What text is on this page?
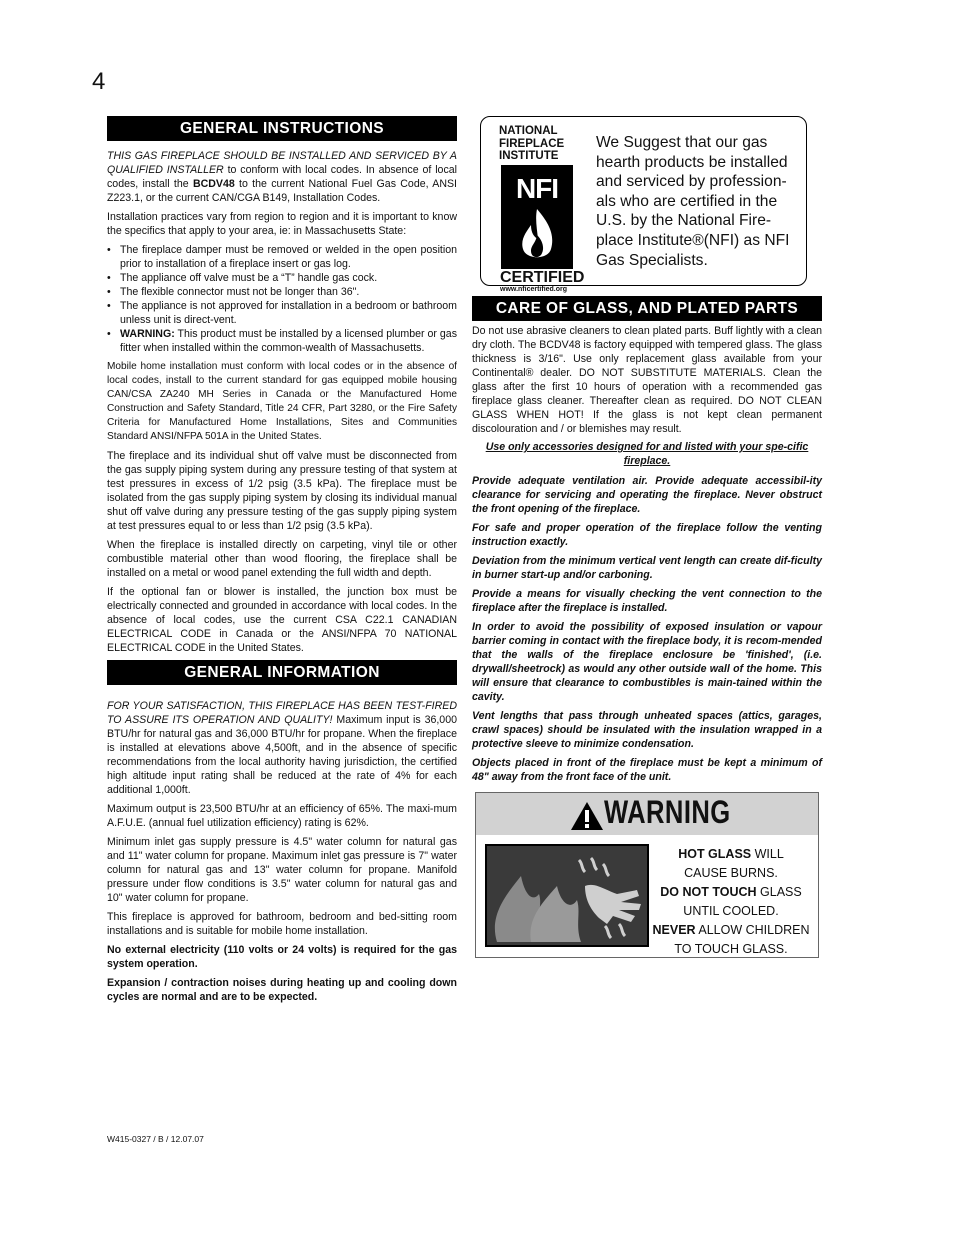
4
GENERAL INSTRUCTIONS

THIS GAS FIREPLACE SHOULD BE INSTALLED AND SERVICED BY A QUALIFIED INSTALLER to conform with local codes. In absence of local codes, install the BCDV48 to the current National Fuel Gas Code, ANSI Z223.1, or the current CAN/CGA B149, Installation Codes.

Installation practices vary from region to region and it is important to know the specifics that apply to your area, ie: in Massachusetts State:

• The fireplace damper must be removed or welded in the open position prior to installation of a fireplace insert or gas log.
• The appliance off valve must be a “T” handle gas cock.
• The flexible connector must not be longer than 36".
• The appliance is not approved for installation in a bedroom or bathroom unless unit is direct-vent.
• WARNING: This product must be installed by a licensed plumber or gas fitter when installed within the common-wealth of Massachusetts.

Mobile home installation must conform with local codes or in the absence of local codes, install to the current standard for gas equipped mobile housing CAN/CSA ZA240 MH Series in Canada or the Manufactured Home Construction and Safety Standard, Title 24 CFR, Part 3280, or the Fire Safety Criteria for Manufactured Home Installations, Sites and Communities Standard ANSI/NFPA 501A in the United States.

The fireplace and its individual shut off valve must be disconnected from the gas supply piping system during any pressure testing of that system at test pressures in excess of 1/2 psig (3.5 kPa). The fireplace must be isolated from the gas supply piping system by closing its individual manual shut off valve during any pressure testing of the gas supply piping system at test pressures equal to or less than 1/2 psig (3.5 kPa).

When the fireplace is installed directly on carpeting, vinyl tile or other combustible material other than wood flooring, the fireplace shall be installed on a metal or wood panel extending the full width and depth.

If the optional fan or blower is installed, the junction box must be electrically connected and grounded in accordance with local codes. In the absence of local codes, use the current CSA C22.1 CANADIAN ELECTRICAL CODE in Canada or the ANSI/NFPA 70 NATIONAL ELECTRICAL CODE in the United States.

GENERAL INFORMATION

FOR YOUR SATISFACTION, THIS FIREPLACE HAS BEEN TEST-FIRED TO ASSURE ITS OPERATION AND QUALITY! Maximum input is 36,000 BTU/hr for natural gas and 36,000 BTU/hr for propane. When the fireplace is installed at elevations above 4,500ft, and in the absence of specific recommendations from the local authority having jurisdiction, the certified high altitude input rating shall be reduced at the rate of 4% for each additional 1,000ft.

Maximum output is 23,500 BTU/hr at an efficiency of 65%. The maxi-mum A.F.U.E. (annual fuel utilization efficiency) rating is 62%.

Minimum inlet gas supply pressure is 4.5" water column for natural gas and 11" water column for propane. Maximum inlet gas pressure is 7" water column for natural gas and 13" water column for propane. Manifold pressure under flow conditions is 3.5" water column for natural gas and 10" water column for propane.

This fireplace is approved for bathroom, bedroom and bed-sitting room installations and is suitable for mobile home installation.

No external electricity (110 volts or 24 volts) is required for the gas system operation.

Expansion / contraction noises during heating up and cooling down cycles are normal and are to be expected.

NATIONAL
FIREPLACE
INSTITUTE
NFI
CERTIFIED
www.nficertified.org
We Suggest that our gas hearth products be installed and serviced by profession-als who are certified in the U.S. by the National Fire-place Institute®(NFI) as NFI Gas Specialists.
CARE OF GLASS, AND PLATED PARTS

Do not use abrasive cleaners to clean plated parts. Buff lightly with a clean dry cloth. The BCDV48 is factory equipped with tempered glass. The glass thickness is 3/16". Use only replacement glass available from your Continental® dealer. DO NOT SUBSTITUTE MATERIALS. Clean the glass after the first 10 hours of operation with a recommended gas fireplace glass cleaner. Thereafter clean as required. DO NOT CLEAN GLASS WHEN HOT! If the glass is not kept clean permanent discolouration and / or blemishes may result.

Use only accessories designed for and listed with your spe-cific fireplace.

Provide adequate ventilation air. Provide adequate accessibil-ity clearance for servicing and operating the fireplace. Never obstruct the front opening of the fireplace.

For safe and proper operation of the fireplace follow the venting instruction exactly.

Deviation from the minimum vertical vent length can create dif-ficulty in burner start-up and/or carboning.

Provide a means for visually checking the vent connection to the fireplace after the fireplace is installed.

In order to avoid the possibility of exposed insulation or vapour barrier coming in contact with the fireplace body, it is recom-mended that the walls of the fireplace enclosure be 'finished', (i.e. drywall/sheetrock) as would any other outside wall of the home. This will ensure that clearance to combustibles is main-tained within the cavity.

Vent lengths that pass through unheated spaces (attics, garages, crawl spaces) should be insulated with the insulation wrapped in a protective sleeve to minimize condensation.

Objects placed in front of the fireplace must be kept a minimum of 48" away from the front face of the unit.

WARNING
HOT GLASS WILL
CAUSE BURNS.
DO NOT TOUCH GLASS
UNTIL COOLED.
NEVER ALLOW CHILDREN
TO TOUCH GLASS.
W415-0327 / B / 12.07.07
